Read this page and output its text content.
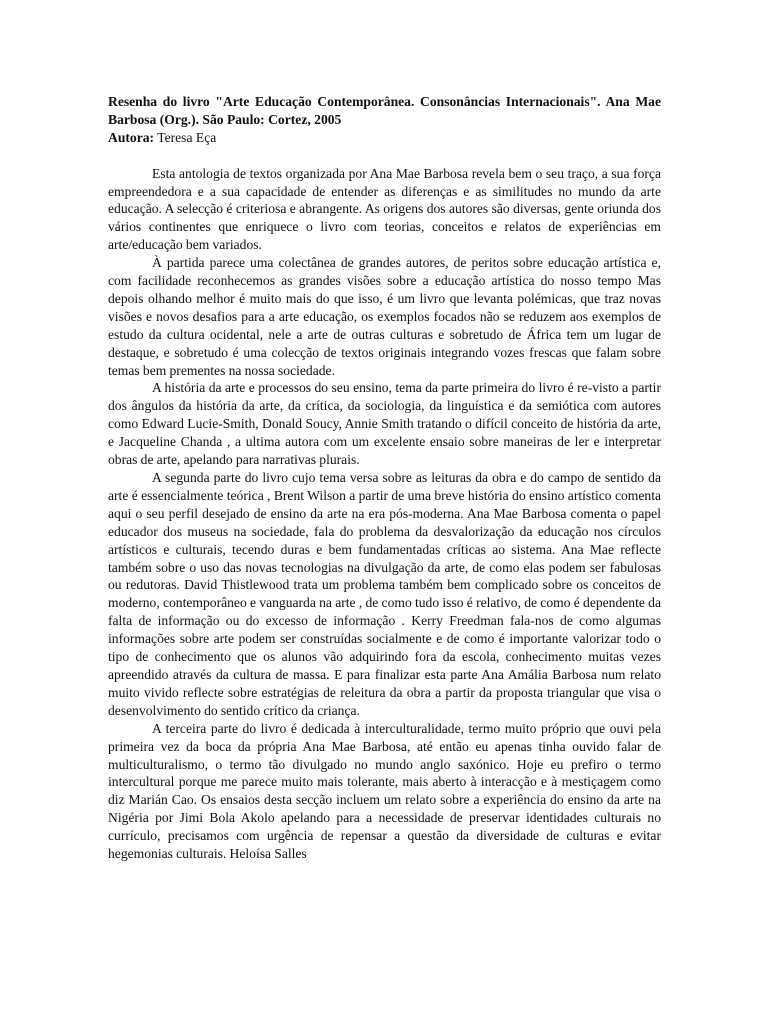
Resenha do livro "Arte Educação Contemporânea. Consonâncias Internacionais". Ana Mae Barbosa (Org.). São Paulo: Cortez, 2005
Autora: Teresa Eça

Esta antologia de textos organizada por Ana Mae Barbosa revela bem o seu traço, a sua força empreendedora e a sua capacidade de entender as diferenças e as similitudes no mundo da arte educação. A selecção é criteriosa e abrangente. As origens dos autores são diversas, gente oriunda dos vários continentes que enriquece o livro com teorias, conceitos e relatos de experiências em arte/educação bem variados.

À partida parece uma colectânea de grandes autores, de peritos sobre educação artística e, com facilidade reconhecemos as grandes visões sobre a educação artística do nosso tempo Mas depois olhando melhor é muito mais do que isso, é um livro que levanta polémicas, que traz novas visões e novos desafios para a arte educação, os exemplos focados não se reduzem aos exemplos de estudo da cultura ocidental, nele a arte de outras culturas e sobretudo de África tem um lugar de destaque, e sobretudo é uma colecção de textos originais integrando vozes frescas que falam sobre temas bem prementes na nossa sociedade.

A história da arte e processos do seu ensino, tema da parte primeira do livro é re-visto a partir dos ângulos da história da arte, da crítica, da sociologia, da linguística e da semiótica com autores como Edward Lucie-Smith, Donald Soucy, Annie Smith tratando o difícil conceito de história da arte, e Jacqueline Chanda , a ultima autora com um excelente ensaio sobre maneiras de ler e interpretar obras de arte, apelando para narrativas plurais.

A segunda parte do livro cujo tema versa sobre as leituras da obra e do campo de sentido da arte é essencialmente teórica , Brent Wilson a partir de uma breve história do ensino artístico comenta aqui o seu perfil desejado de ensino da arte na era pós-moderna. Ana Mae Barbosa comenta o papel educador dos museus na sociedade, fala do problema da desvalorização da educação nos círculos artísticos e culturais, tecendo duras e bem fundamentadas críticas ao sistema. Ana Mae reflecte também sobre o uso das novas tecnologias na divulgação da arte, de como elas podem ser fabulosas ou redutoras. David Thistlewood trata um problema também bem complicado sobre os conceitos de moderno, contemporâneo e vanguarda na arte , de como tudo isso é relativo, de como é dependente da falta de informação ou do excesso de informação . Kerry Freedman fala-nos de como algumas informações sobre arte podem ser construídas socialmente e de como é importante valorizar todo o tipo de conhecimento que os alunos vão adquirindo fora da escola, conhecimento muitas vezes apreendido através da cultura de massa. E para finalizar esta parte Ana Amália Barbosa num relato muito vivido reflecte sobre estratégias de releitura da obra a partir da proposta triangular que visa o desenvolvimento do sentido crítico da criança.

A terceira parte do livro é dedicada à interculturalidade, termo muito próprio que ouvi pela primeira vez da boca da própria Ana Mae Barbosa, até então eu apenas tinha ouvido falar de multiculturalismo, o termo tão divulgado no mundo anglo saxónico. Hoje eu prefiro o termo intercultural porque me parece muito mais tolerante, mais aberto à interacção e à mestiçagem como diz Marián Cao. Os ensaios desta secção incluem um relato sobre a experiência do ensino da arte na Nigéria por Jimi Bola Akolo apelando para a necessidade de preservar identidades culturais no currículo, precisamos com urgência de repensar a questão da diversidade de culturas e evitar hegemonias culturais. Heloísa Salles
